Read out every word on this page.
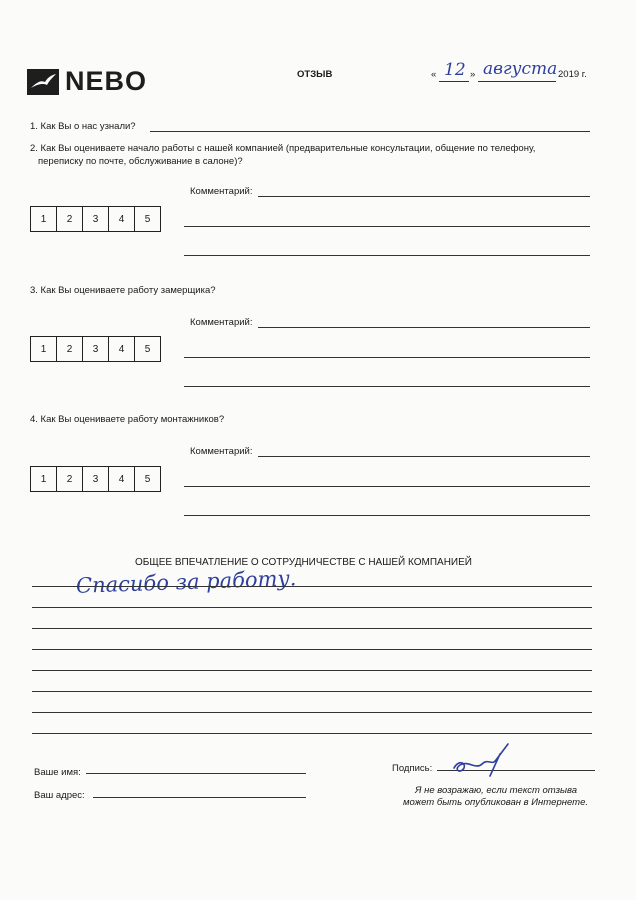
NEBO	ОТЗЫВ	« 12 » августа 2019 г.
1. Как Вы о нас узнали?
2. Как Вы оцениваете начало работы с нашей компанией (предварительные консультации, общение по телефону,
переписку по почте, обслуживание в салоне)?
Комментарий:
1	2	3	4	5
3. Как Вы оцениваете работу замерщика?
Комментарий:
1	2	3	4	5
4. Как Вы оцениваете работу монтажников?
Комментарий:
1	2	3	4	5
ОБЩЕЕ ВПЕЧАТЛЕНИЕ О СОТРУДНИЧЕСТВЕ С НАШЕЙ КОМПАНИЕЙ
Спасибо за работу.
Ваше имя:
Ваш адрес:
Подпись:
Я не возражаю, если текст отзыва
может быть опубликован в Интернете.
